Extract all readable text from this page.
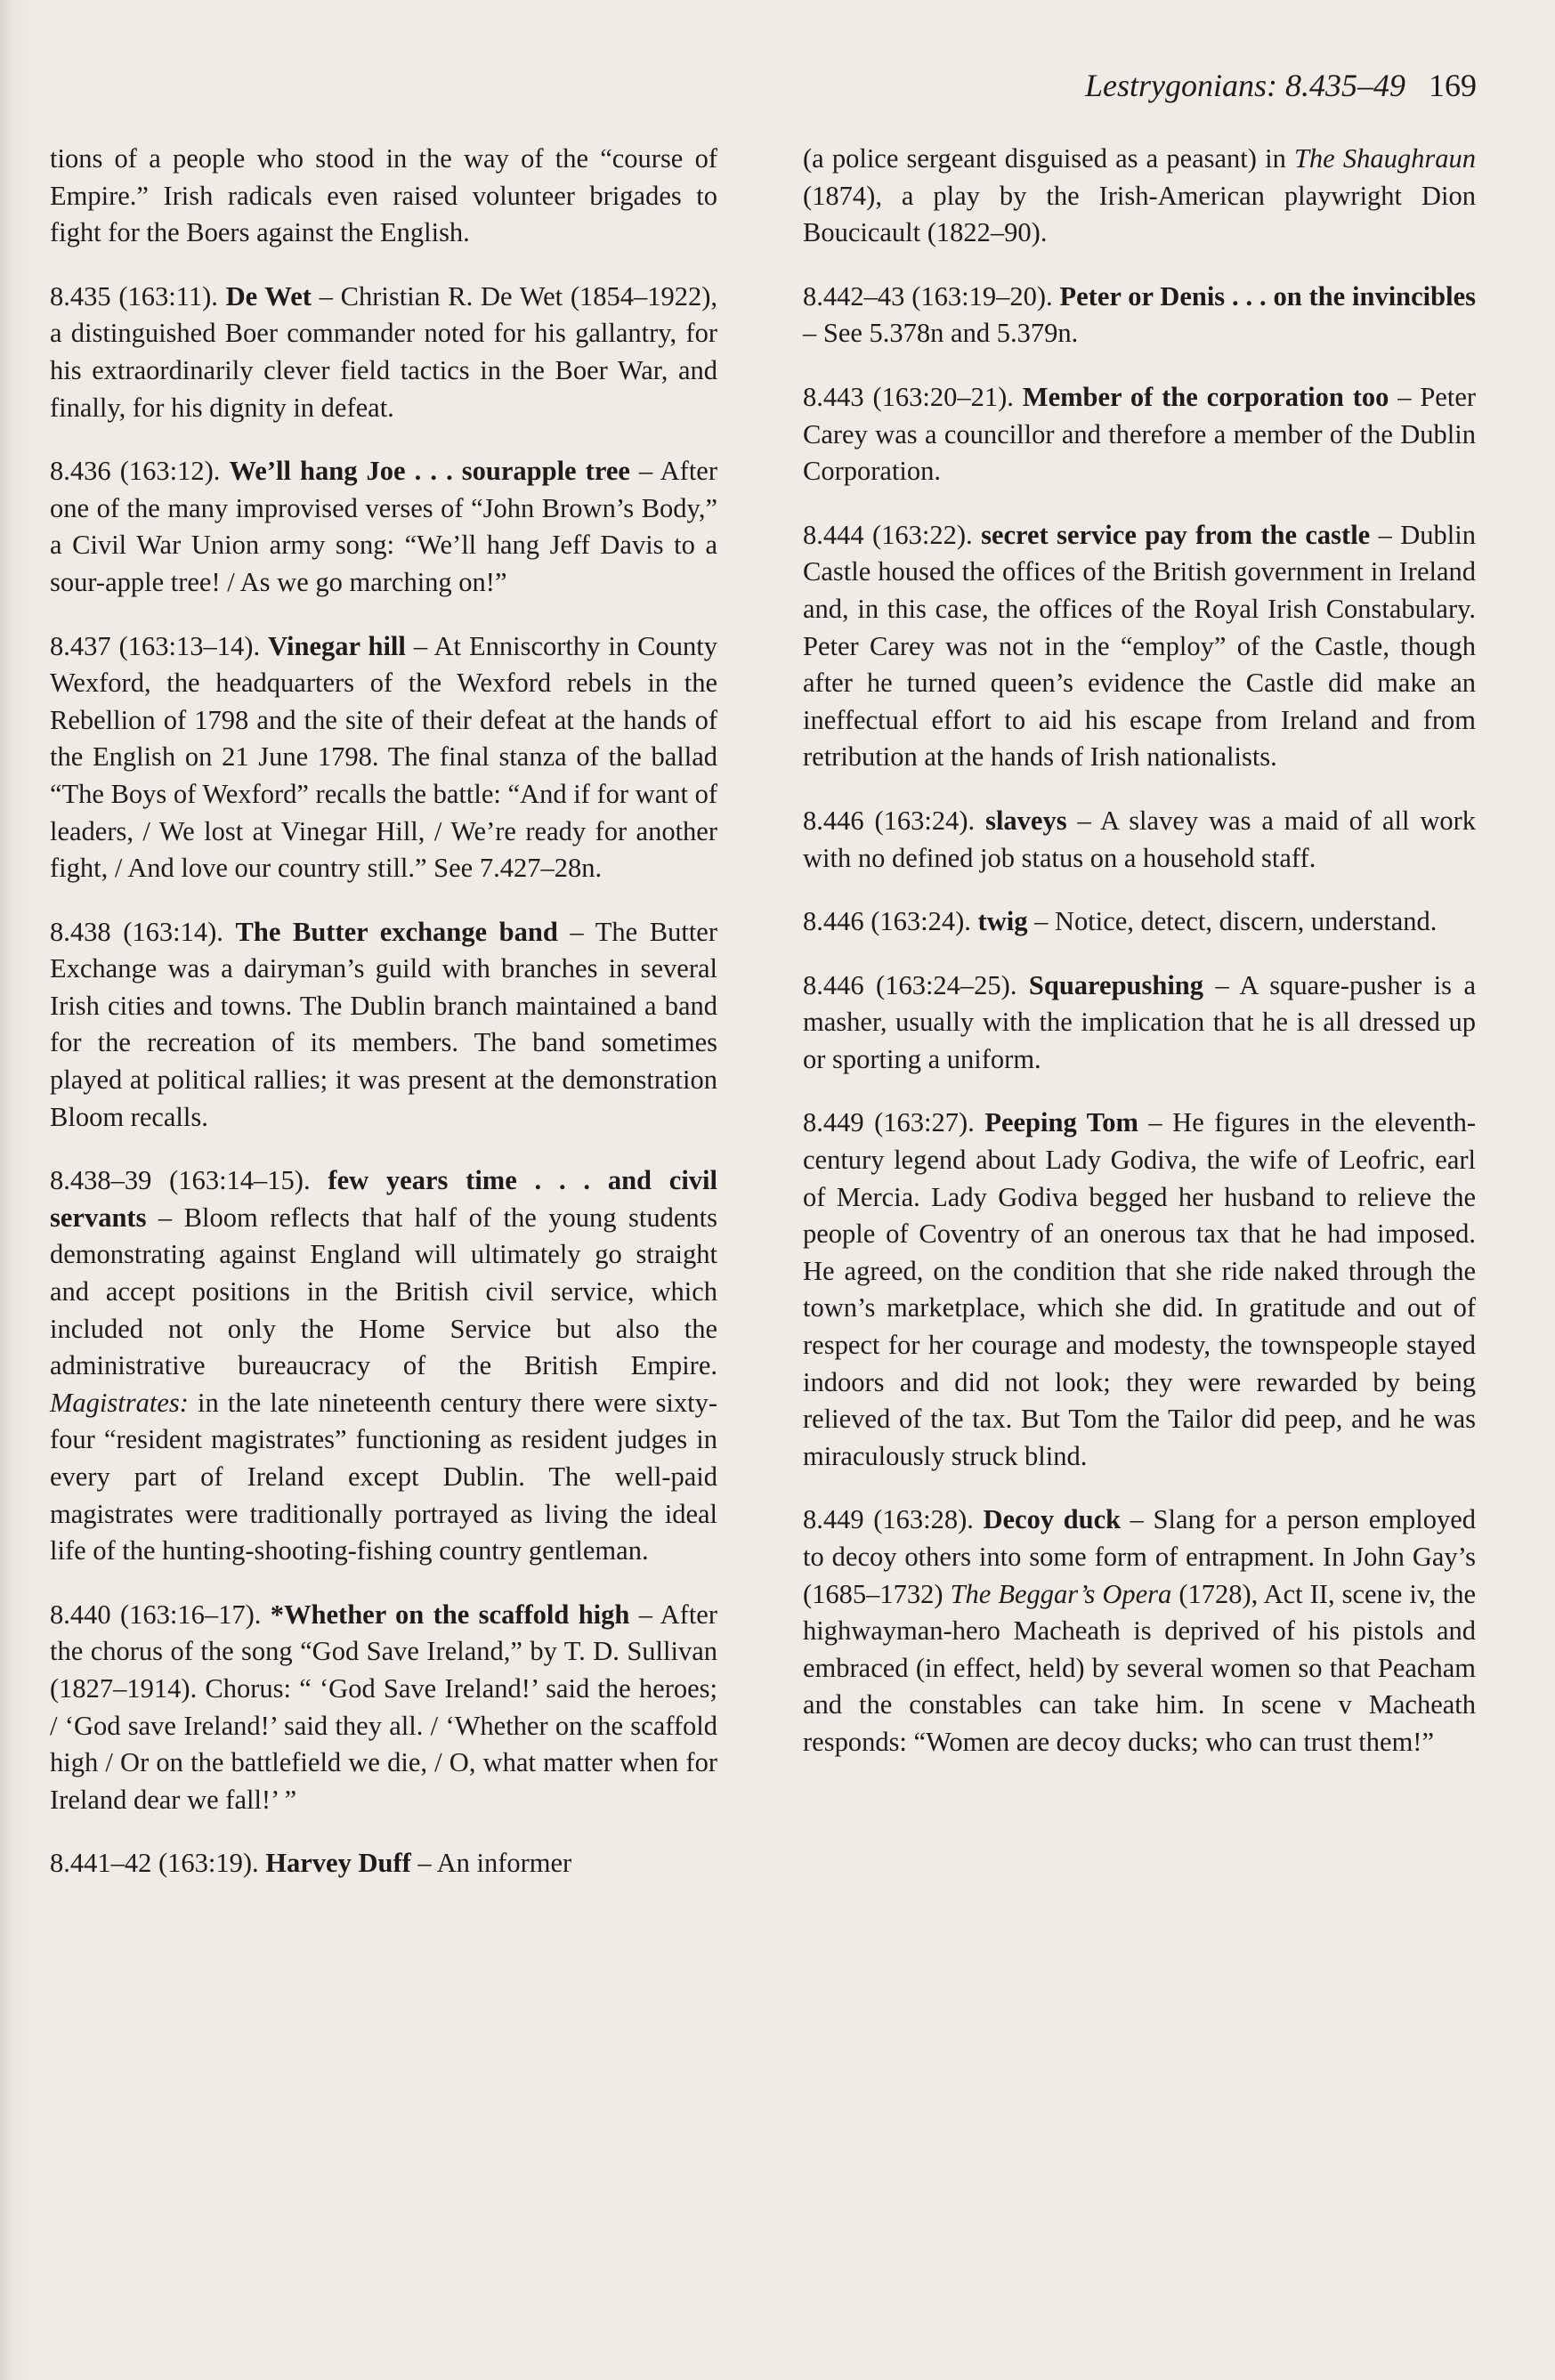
Lestrygonians: 8.435–49 169

tions of a people who stood in the way of the “course of Empire.” Irish radicals even raised volunteer brigades to fight for the Boers against the English.

8.435 (163:11). De Wet – Christian R. De Wet (1854–1922), a distinguished Boer commander noted for his gallantry, for his extraordinarily clever field tactics in the Boer War, and finally, for his dignity in defeat.

8.436 (163:12). We’ll hang Joe . . . sourapple tree – After one of the many improvised verses of “John Brown’s Body,” a Civil War Union army song: “We’ll hang Jeff Davis to a sour-apple tree! / As we go marching on!”

8.437 (163:13–14). Vinegar hill – At Enniscorthy in County Wexford, the headquarters of the Wexford rebels in the Rebellion of 1798 and the site of their defeat at the hands of the English on 21 June 1798. The final stanza of the ballad “The Boys of Wexford” recalls the battle: “And if for want of leaders, / We lost at Vinegar Hill, / We’re ready for another fight, / And love our country still.” See 7.427–28n.

8.438 (163:14). The Butter exchange band – The Butter Exchange was a dairyman’s guild with branches in several Irish cities and towns. The Dublin branch maintained a band for the recreation of its members. The band sometimes played at political rallies; it was present at the demonstration Bloom recalls.

8.438–39 (163:14–15). few years time . . . and civil servants – Bloom reflects that half of the young students demonstrating against England will ultimately go straight and accept positions in the British civil service, which included not only the Home Service but also the administrative bureaucracy of the British Empire. Magistrates: in the late nineteenth century there were sixty-four “resident magistrates” functioning as resident judges in every part of Ireland except Dublin. The well-paid magistrates were traditionally portrayed as living the ideal life of the hunting-shooting-fishing country gentleman.

8.440 (163:16–17). *Whether on the scaffold high – After the chorus of the song “God Save Ireland,” by T. D. Sullivan (1827–1914). Chorus: “ ‘God Save Ireland!’ said the heroes; / ‘God save Ireland!’ said they all. / ‘Whether on the scaffold high / Or on the battlefield we die, / O, what matter when for Ireland dear we fall!’ ”

8.441–42 (163:19). Harvey Duff – An informer

(a police sergeant disguised as a peasant) in The Shaughraun (1874), a play by the Irish-American playwright Dion Boucicault (1822–90).

8.442–43 (163:19–20). Peter or Denis . . . on the invincibles – See 5.378n and 5.379n.

8.443 (163:20–21). Member of the corporation too – Peter Carey was a councillor and therefore a member of the Dublin Corporation.

8.444 (163:22). secret service pay from the castle – Dublin Castle housed the offices of the British government in Ireland and, in this case, the offices of the Royal Irish Constabulary. Peter Carey was not in the “employ” of the Castle, though after he turned queen’s evidence the Castle did make an ineffectual effort to aid his escape from Ireland and from retribution at the hands of Irish nationalists.

8.446 (163:24). slaveys – A slavey was a maid of all work with no defined job status on a household staff.

8.446 (163:24). twig – Notice, detect, discern, understand.

8.446 (163:24–25). Squarepushing – A square-pusher is a masher, usually with the implication that he is all dressed up or sporting a uniform.

8.449 (163:27). Peeping Tom – He figures in the eleventh-century legend about Lady Godiva, the wife of Leofric, earl of Mercia. Lady Godiva begged her husband to relieve the people of Coventry of an onerous tax that he had imposed. He agreed, on the condition that she ride naked through the town’s marketplace, which she did. In gratitude and out of respect for her courage and modesty, the townspeople stayed indoors and did not look; they were rewarded by being relieved of the tax. But Tom the Tailor did peep, and he was miraculously struck blind.

8.449 (163:28). Decoy duck – Slang for a person employed to decoy others into some form of entrapment. In John Gay’s (1685–1732) The Beggar’s Opera (1728), Act II, scene iv, the highwayman-hero Macheath is deprived of his pistols and embraced (in effect, held) by several women so that Peacham and the constables can take him. In scene v Macheath responds: “Women are decoy ducks; who can trust them!”
